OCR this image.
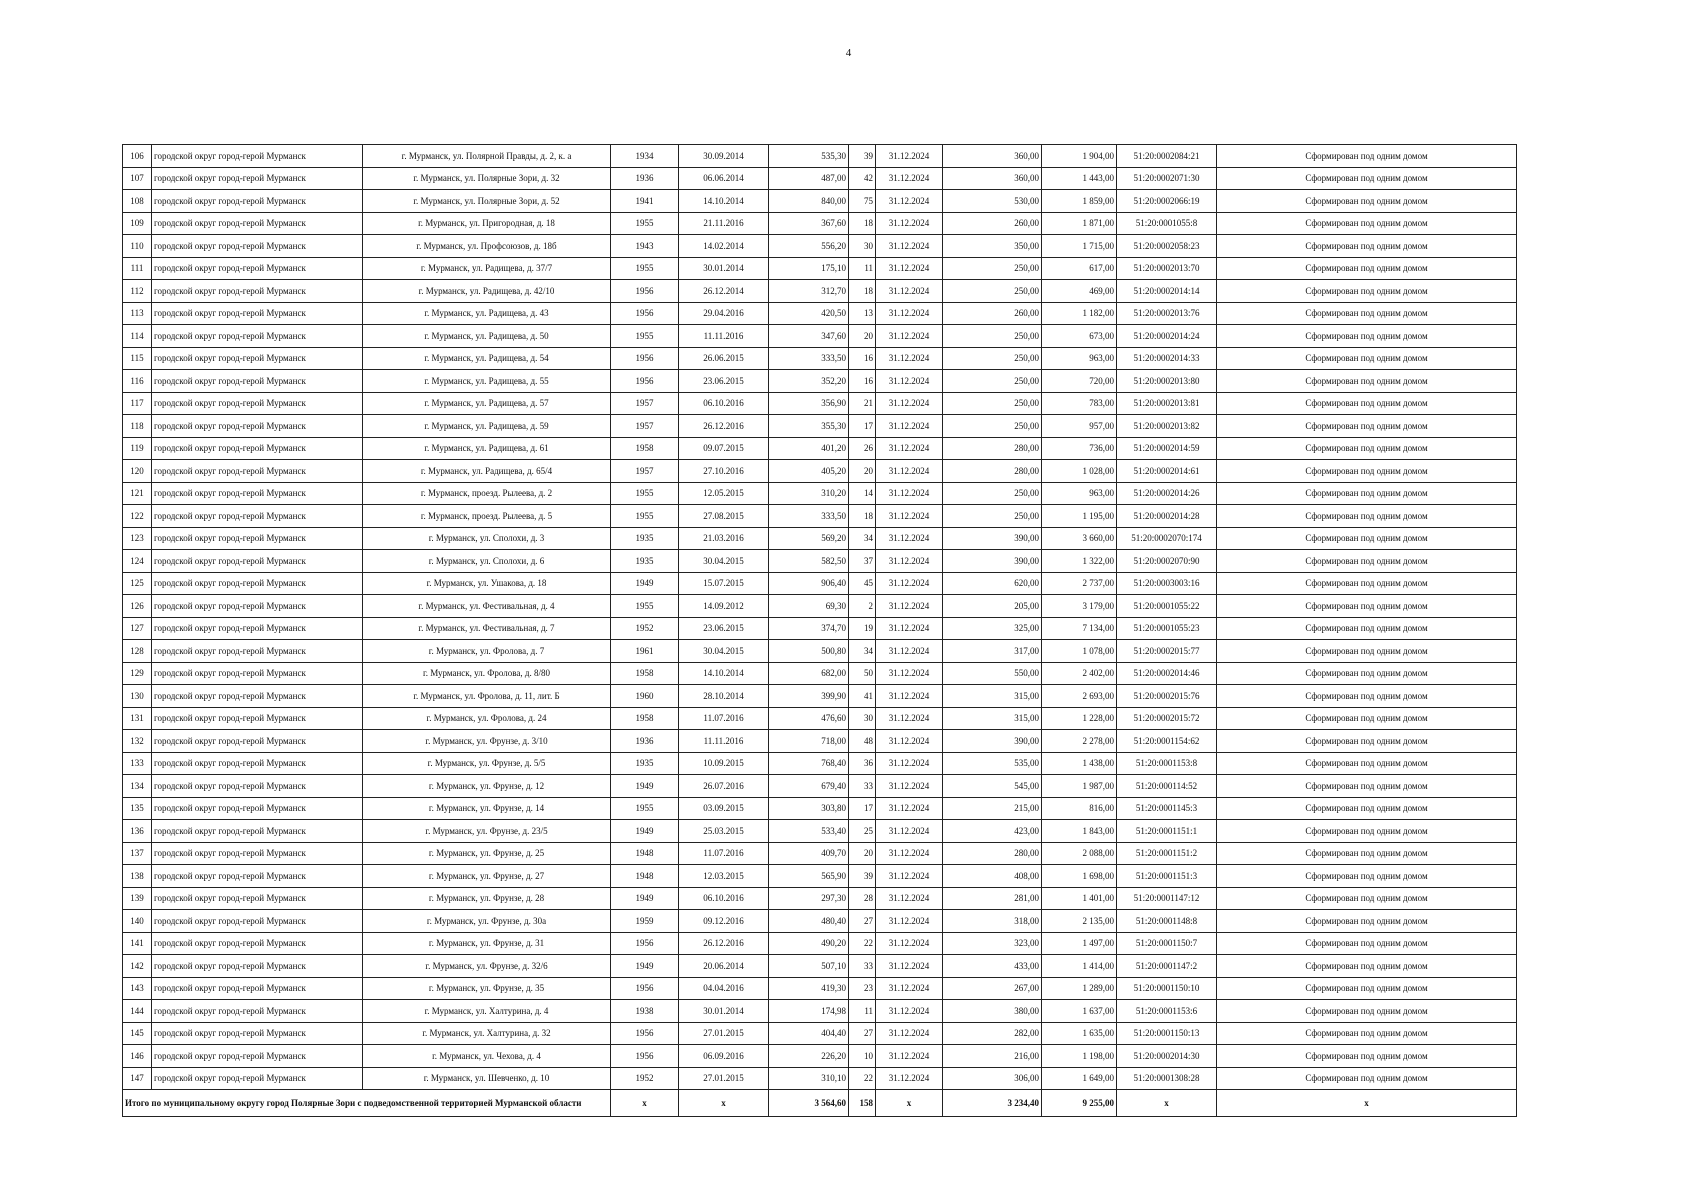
4
106	городской округ город-герой Мурманск	г. Мурманск, ул. Полярной Правды, д. 2, к. а	1934	30.09.2014	535,30	39	31.12.2024	360,00	1 904,00	51:20:0002084:21	Сформирован под одним домом
107	городской округ город-герой Мурманск	г. Мурманск, ул. Полярные Зори, д. 32	1936	06.06.2014	487,00	42	31.12.2024	360,00	1 443,00	51:20:0002071:30	Сформирован под одним домом
108	городской округ город-герой Мурманск	г. Мурманск, ул. Полярные Зори, д. 52	1941	14.10.2014	840,00	75	31.12.2024	530,00	1 859,00	51:20:0002066:19	Сформирован под одним домом
109	городской округ город-герой Мурманск	г. Мурманск, ул. Пригородная, д. 18	1955	21.11.2016	367,60	18	31.12.2024	260,00	1 871,00	51:20:0001055:8	Сформирован под одним домом
110	городской округ город-герой Мурманск	г. Мурманск, ул. Профсоюзов, д. 18б	1943	14.02.2014	556,20	30	31.12.2024	350,00	1 715,00	51:20:0002058:23	Сформирован под одним домом
111	городской округ город-герой Мурманск	г. Мурманск, ул. Радищева, д. 37/7	1955	30.01.2014	175,10	11	31.12.2024	250,00	617,00	51:20:0002013:70	Сформирован под одним домом
112	городской округ город-герой Мурманск	г. Мурманск, ул. Радищева, д. 42/10	1956	26.12.2014	312,70	18	31.12.2024	250,00	469,00	51:20:0002014:14	Сформирован под одним домом
113	городской округ город-герой Мурманск	г. Мурманск, ул. Радищева, д. 43	1956	29.04.2016	420,50	13	31.12.2024	260,00	1 182,00	51:20:0002013:76	Сформирован под одним домом
114	городской округ город-герой Мурманск	г. Мурманск, ул. Радищева, д. 50	1955	11.11.2016	347,60	20	31.12.2024	250,00	673,00	51:20:0002014:24	Сформирован под одним домом
115	городской округ город-герой Мурманск	г. Мурманск, ул. Радищева, д. 54	1956	26.06.2015	333,50	16	31.12.2024	250,00	963,00	51:20:0002014:33	Сформирован под одним домом
116	городской округ город-герой Мурманск	г. Мурманск, ул. Радищева, д. 55	1956	23.06.2015	352,20	16	31.12.2024	250,00	720,00	51:20:0002013:80	Сформирован под одним домом
117	городской округ город-герой Мурманск	г. Мурманск, ул. Радищева, д. 57	1957	06.10.2016	356,90	21	31.12.2024	250,00	783,00	51:20:0002013:81	Сформирован под одним домом
118	городской округ город-герой Мурманск	г. Мурманск, ул. Радищева, д. 59	1957	26.12.2016	355,30	17	31.12.2024	250,00	957,00	51:20:0002013:82	Сформирован под одним домом
119	городской округ город-герой Мурманск	г. Мурманск, ул. Радищева, д. 61	1958	09.07.2015	401,20	26	31.12.2024	280,00	736,00	51:20:0002014:59	Сформирован под одним домом
120	городской округ город-герой Мурманск	г. Мурманск, ул. Радищева, д. 65/4	1957	27.10.2016	405,20	20	31.12.2024	280,00	1 028,00	51:20:0002014:61	Сформирован под одним домом
121	городской округ город-герой Мурманск	г. Мурманск, проезд. Рылеева, д. 2	1955	12.05.2015	310,20	14	31.12.2024	250,00	963,00	51:20:0002014:26	Сформирован под одним домом
122	городской округ город-герой Мурманск	г. Мурманск, проезд. Рылеева, д. 5	1955	27.08.2015	333,50	18	31.12.2024	250,00	1 195,00	51:20:0002014:28	Сформирован под одним домом
123	городской округ город-герой Мурманск	г. Мурманск, ул. Сполохи, д. 3	1935	21.03.2016	569,20	34	31.12.2024	390,00	3 660,00	51:20:0002070:174	Сформирован под одним домом
124	городской округ город-герой Мурманск	г. Мурманск, ул. Сполохи, д. 6	1935	30.04.2015	582,50	37	31.12.2024	390,00	1 322,00	51:20:0002070:90	Сформирован под одним домом
125	городской округ город-герой Мурманск	г. Мурманск, ул. Ушакова, д. 18	1949	15.07.2015	906,40	45	31.12.2024	620,00	2 737,00	51:20:0003003:16	Сформирован под одним домом
126	городской округ город-герой Мурманск	г. Мурманск, ул. Фестивальная, д. 4	1955	14.09.2012	69,30	2	31.12.2024	205,00	3 179,00	51:20:0001055:22	Сформирован под одним домом
127	городской округ город-герой Мурманск	г. Мурманск, ул. Фестивальная, д. 7	1952	23.06.2015	374,70	19	31.12.2024	325,00	7 134,00	51:20:0001055:23	Сформирован под одним домом
128	городской округ город-герой Мурманск	г. Мурманск, ул. Фролова, д. 7	1961	30.04.2015	500,80	34	31.12.2024	317,00	1 078,00	51:20:0002015:77	Сформирован под одним домом
129	городской округ город-герой Мурманск	г. Мурманск, ул. Фролова, д. 8/80	1958	14.10.2014	682,00	50	31.12.2024	550,00	2 402,00	51:20:0002014:46	Сформирован под одним домом
130	городской округ город-герой Мурманск	г. Мурманск, ул. Фролова, д. 11, лит. Б	1960	28.10.2014	399,90	41	31.12.2024	315,00	2 693,00	51:20:0002015:76	Сформирован под одним домом
131	городской округ город-герой Мурманск	г. Мурманск, ул. Фролова, д. 24	1958	11.07.2016	476,60	30	31.12.2024	315,00	1 228,00	51:20:0002015:72	Сформирован под одним домом
132	городской округ город-герой Мурманск	г. Мурманск, ул. Фрунзе, д. 3/10	1936	11.11.2016	718,00	48	31.12.2024	390,00	2 278,00	51:20:0001154:62	Сформирован под одним домом
133	городской округ город-герой Мурманск	г. Мурманск, ул. Фрунзе, д. 5/5	1935	10.09.2015	768,40	36	31.12.2024	535,00	1 438,00	51:20:0001153:8	Сформирован под одним домом
134	городской округ город-герой Мурманск	г. Мурманск, ул. Фрунзе, д. 12	1949	26.07.2016	679,40	33	31.12.2024	545,00	1 987,00	51:20:000114:52	Сформирован под одним домом
135	городской округ город-герой Мурманск	г. Мурманск, ул. Фрунзе, д. 14	1955	03.09.2015	303,80	17	31.12.2024	215,00	816,00	51:20:0001145:3	Сформирован под одним домом
136	городской округ город-герой Мурманск	г. Мурманск, ул. Фрунзе, д. 23/5	1949	25.03.2015	533,40	25	31.12.2024	423,00	1 843,00	51:20:0001151:1	Сформирован под одним домом
137	городской округ город-герой Мурманск	г. Мурманск, ул. Фрунзе, д. 25	1948	11.07.2016	409,70	20	31.12.2024	280,00	2 088,00	51:20:0001151:2	Сформирован под одним домом
138	городской округ город-герой Мурманск	г. Мурманск, ул. Фрунзе, д. 27	1948	12.03.2015	565,90	39	31.12.2024	408,00	1 698,00	51:20:0001151:3	Сформирован под одним домом
139	городской округ город-герой Мурманск	г. Мурманск, ул. Фрунзе, д. 28	1949	06.10.2016	297,30	28	31.12.2024	281,00	1 401,00	51:20:0001147:12	Сформирован под одним домом
140	городской округ город-герой Мурманск	г. Мурманск, ул. Фрунзе, д. 30а	1959	09.12.2016	480,40	27	31.12.2024	318,00	2 135,00	51:20:0001148:8	Сформирован под одним домом
141	городской округ город-герой Мурманск	г. Мурманск, ул. Фрунзе, д. 31	1956	26.12.2016	490,20	22	31.12.2024	323,00	1 497,00	51:20:0001150:7	Сформирован под одним домом
142	городской округ город-герой Мурманск	г. Мурманск, ул. Фрунзе, д. 32/6	1949	20.06.2014	507,10	33	31.12.2024	433,00	1 414,00	51:20:0001147:2	Сформирован под одним домом
143	городской округ город-герой Мурманск	г. Мурманск, ул. Фрунзе, д. 35	1956	04.04.2016	419,30	23	31.12.2024	267,00	1 289,00	51:20:0001150:10	Сформирован под одним домом
144	городской округ город-герой Мурманск	г. Мурманск, ул. Халтурина, д. 4	1938	30.01.2014	174,98	11	31.12.2024	380,00	1 637,00	51:20:0001153:6	Сформирован под одним домом
145	городской округ город-герой Мурманск	г. Мурманск, ул. Халтурина, д. 32	1956	27.01.2015	404,40	27	31.12.2024	282,00	1 635,00	51:20:0001150:13	Сформирован под одним домом
146	городской округ город-герой Мурманск	г. Мурманск, ул. Чехова, д. 4	1956	06.09.2016	226,20	10	31.12.2024	216,00	1 198,00	51:20:0002014:30	Сформирован под одним домом
147	городской округ город-герой Мурманск	г. Мурманск, ул. Шевченко, д. 10	1952	27.01.2015	310,10	22	31.12.2024	306,00	1 649,00	51:20:0001308:28	Сформирован под одним домом
Итого по муниципальному округу город Полярные Зори с подведомственной территорией Мурманской области			x	x	3 564,60	158	x	3 234,40	9 255,00	x	x
